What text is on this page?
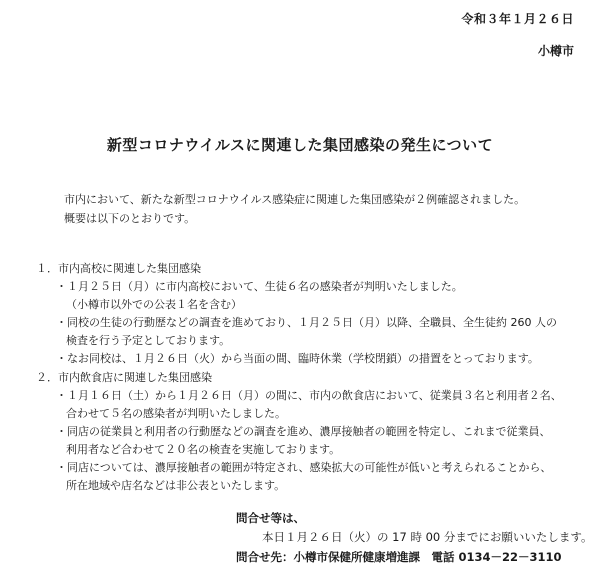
令和３年１月２６日
小樽市
新型コロナウイルスに関連した集団感染の発生について
市内において、新たな新型コロナウイルス感染症に関連した集団感染が２例確認されました。
概要は以下のとおりです。
１．市内高校に関連した集団感染
・１月２５日（月）に市内高校において、生徒６名の感染者が判明いたしました。
（小樽市以外での公表１名を含む）
・同校の生徒の行動歴などの調査を進めており、１月２５日（月）以降、全職員、全生徒約 260 人の
検査を行う予定としております。
・なお同校は、１月２６日（火）から当面の間、臨時休業（学校閉鎖）の措置をとっております。
２．市内飲食店に関連した集団感染
・１月１６日（土）から１月２６日（月）の間に、市内の飲食店において、従業員３名と利用者２名、
合わせて５名の感染者が判明いたしました。
・同店の従業員と利用者の行動歴などの調査を進め、濃厚接触者の範囲を特定し、これまで従業員、
利用者など合わせて２０名の検査を実施しております。
・同店については、濃厚接触者の範囲が特定され、感染拡大の可能性が低いと考えられることから、
所在地域や店名などは非公表といたします。
問合せ等は、
本日１月２６日（火）の 17 時 00 分までにお願いいたします。
問合せ先：小樽市保健所健康増進課　電話 0134－22－3110
